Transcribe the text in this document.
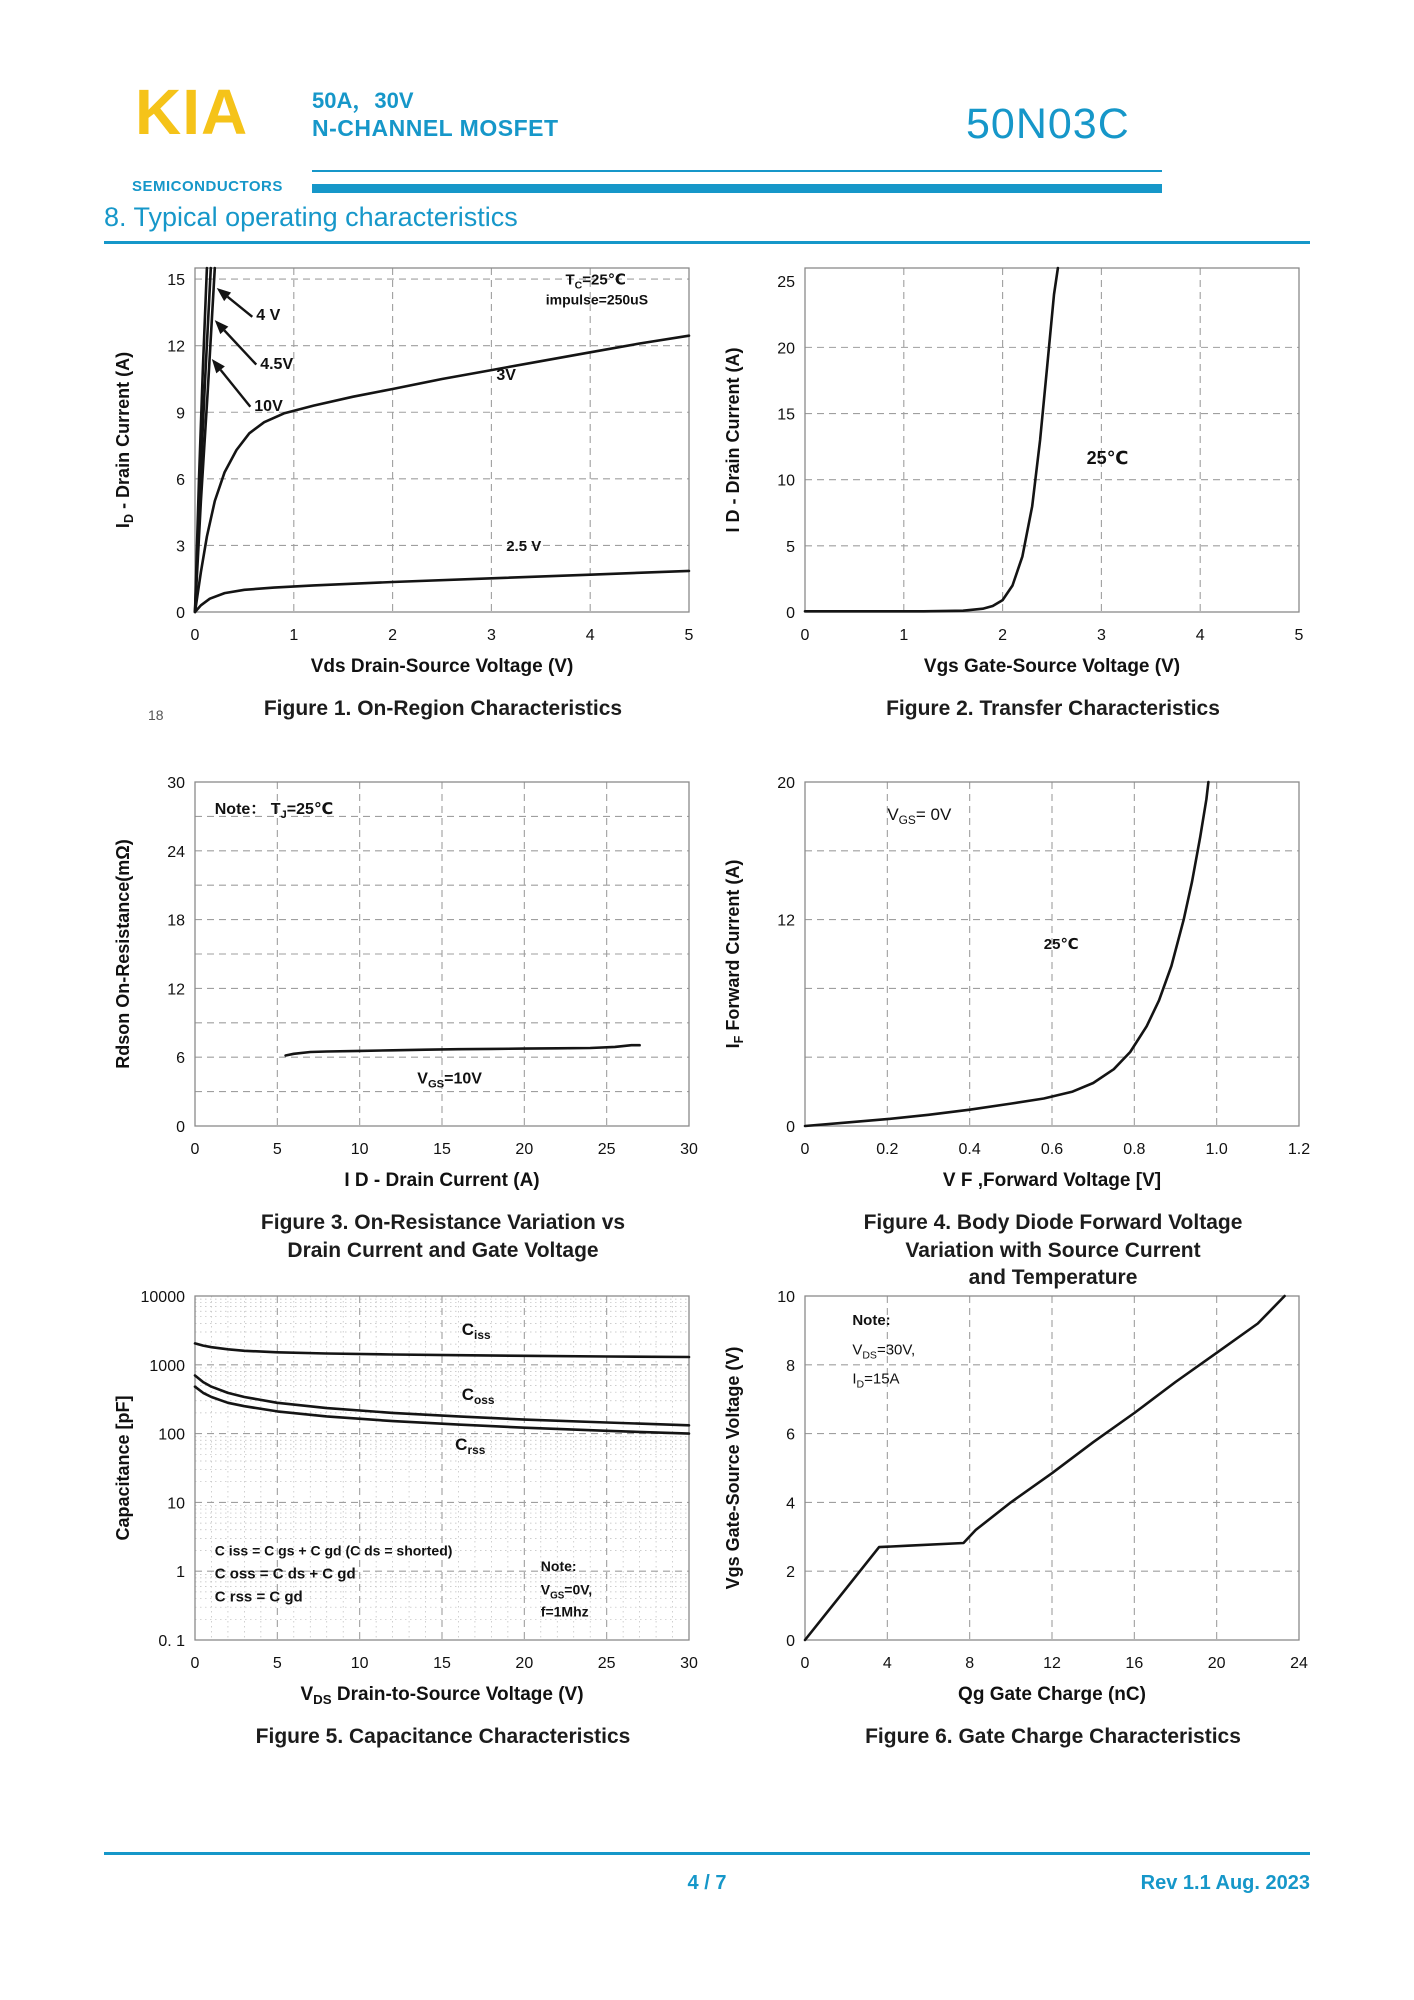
KIA
SEMICONDUCTORS
50A，30V
N-CHANNEL MOSFET	50N03C
8. Typical operating characteristics
$T_C=25℃$
impulse=250uS
4 V
4.5V
10V
3V
2.5 V
0	1	2	3	4	5
0
3
6
9
12
15
Vds Drain-Source Voltage (V)
$I_D$ - Drain Current (A)
18	Figure 1. On-Region Characteristics
25℃
0	1	2	3	4	5
0
5
10
15
20
25
Vgs Gate-Source Voltage (V)
I D - Drain Current (A)
Figure 2. Transfer Characteristics
Note： $T_J=25℃$
$V_{GS}=10V$
0	5	10	15	20	25	30
0
6
12
18
24
30
I D - Drain Current (A)
Rdson On-Resistance(mΩ)
Figure 3. On-Resistance Variation vs
Drain Current and Gate Voltage
$V_{GS}= 0V$
25℃
0	0.2	0.4	0.6	0.8	1.0	1.2
0
12
20
V F ,Forward Voltage [V]
$I_F$ Forward Current (A)
Figure 4. Body Diode Forward Voltage
Variation with Source Current
and Temperature
$C_{iss}$
$C_{oss}$
$C_{rss}$
C iss = C gs + C gd (C ds = shorted)
C oss = C ds + C gd
C rss = C gd
Note:
$V_{GS}=0V$,
f=1Mhz
0	5	10	15	20	25	30
10000
1000
100
10
1
0. 1
$V_{DS}$ Drain-to-Source Voltage (V)
Capacitance [pF]
Figure 5. Capacitance Characteristics
Note:
$V_{DS}=30V$,
$I_D=15A$
0	4	8	12	16	20	24
0
2
4
6
8
10
Qg Gate Charge (nC)
Vgs Gate-Source Voltage (V)
Figure 6. Gate Charge Characteristics
4 / 7	Rev 1.1 Aug. 2023
